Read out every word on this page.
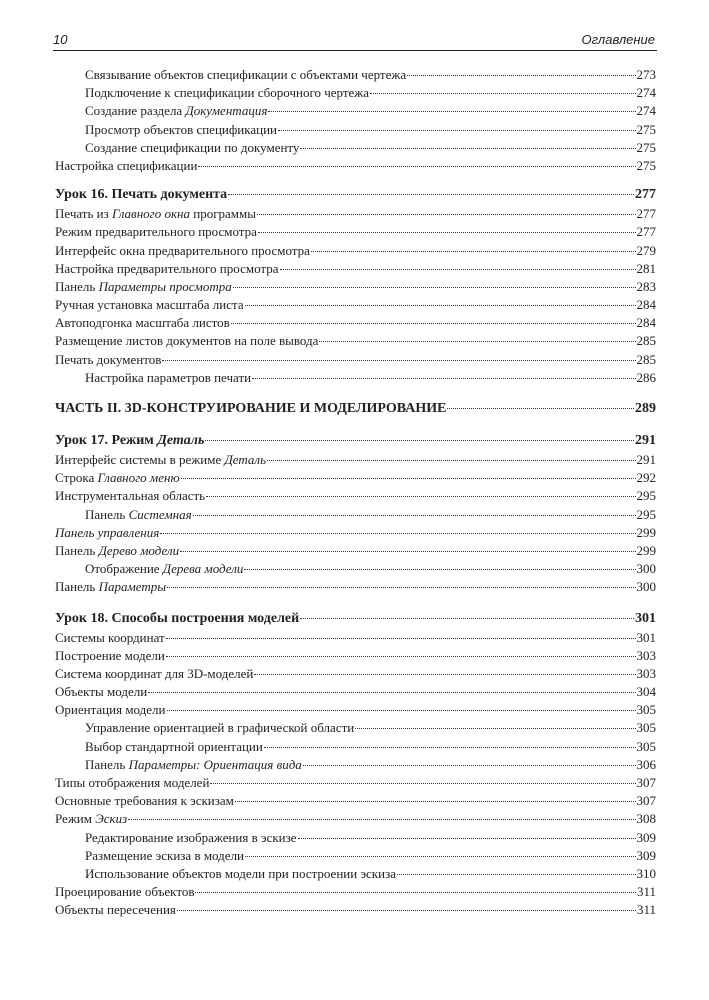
10	Оглавление
Связывание объектов спецификации с объектами чертежа	273
Подключение к спецификации сборочного чертежа	274
Создание раздела Документация	274
Просмотр объектов спецификации	275
Создание спецификации по документу	275
Настройка спецификации	275
Урок 16. Печать документа	277
Печать из Главного окна программы	277
Режим предварительного просмотра	277
Интерфейс окна предварительного просмотра	279
Настройка предварительного просмотра	281
Панель Параметры просмотра	283
Ручная установка масштаба листа	284
Автоподгонка масштаба листов	284
Размещение листов документов на поле вывода	285
Печать документов	285
Настройка параметров печати	286
ЧАСТЬ II. 3D-КОНСТРУИРОВАНИЕ И МОДЕЛИРОВАНИЕ	289
Урок 17. Режим Деталь	291
Интерфейс системы в режиме Деталь	291
Строка Главного меню	292
Инструментальная область	295
Панель Системная	295
Панель управления	299
Панель Дерево модели	299
Отображение Дерева модели	300
Панель Параметры	300
Урок 18. Способы построения моделей	301
Системы координат	301
Построение модели	303
Система координат для 3D-моделей	303
Объекты модели	304
Ориентация модели	305
Управление ориентацией в графической области	305
Выбор стандартной ориентации	305
Панель Параметры: Ориентация вида	306
Типы отображения моделей	307
Основные требования к эскизам	307
Режим Эскиз	308
Редактирование изображения в эскизе	309
Размещение эскиза в модели	309
Использование объектов модели при построении эскиза	310
Проецирование объектов	311
Объекты пересечения	311
